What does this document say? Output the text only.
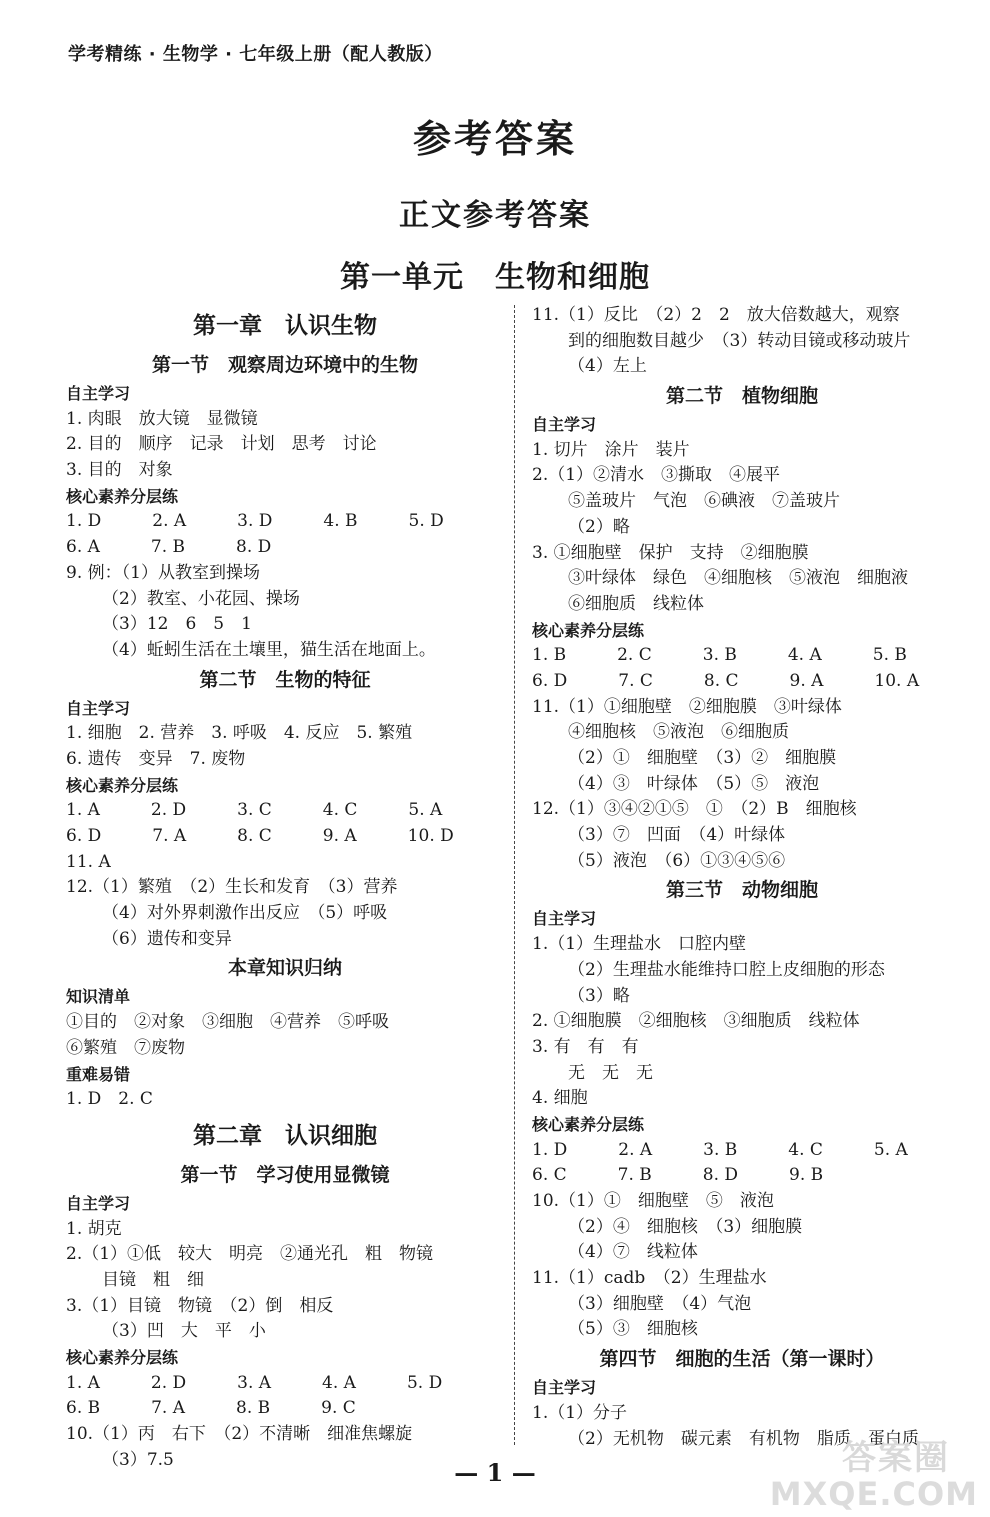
学考精练 · 生物学 · 七年级上册（配人教版）
参考答案
正文参考答案
第一单元　生物和细胞
第一章　认识生物
第一节　观察周边环境中的生物
自主学习
1. 肉眼　放大镜　显微镜
2. 目的　顺序　记录　计划　思考　讨论
3. 目的　对象
核心素养分层练
1. D　　　2. A　　　3. D　　　4. B　　　5. D
6. A　　　7. B　　　8. D
9. 例：（1）从教室到操场
（2）教室、小花园、操场
（3）12　6　5　1
（4）蚯蚓生活在土壤里，猫生活在地面上。
第二节　生物的特征
自主学习
1. 细胞　2. 营养　3. 呼吸　4. 反应　5. 繁殖
6. 遗传　变异　7. 废物
核心素养分层练
1. A　　　2. D　　　3. C　　　4. C　　　5. A
6. D　　　7. A　　　8. C　　　9. A　　　10. D
11. A
12.（1）繁殖　（2）生长和发育　（3）营养
（4）对外界刺激作出反应　（5）呼吸
（6）遗传和变异
本章知识归纳
知识清单
①目的　②对象　③细胞　④营养　⑤呼吸
⑥繁殖　⑦废物
重难易错
1. D　2. C
第二章　认识细胞
第一节　学习使用显微镜
自主学习
1. 胡克
2.（1）①低　较大　明亮　②通光孔　粗　物镜
目镜　粗　细
3.（1）目镜　物镜　（2）倒　相反
（3）凹　大　平　小
核心素养分层练
1. A　　　2. D　　　3. A　　　4. A　　　5. D
6. B　　　7. A　　　8. B　　　9. C
10.（1）丙　右下　（2）不清晰　细准焦螺旋
（3）7.5
11.（1）反比　（2）2　2　放大倍数越大，观察
到的细胞数目越少　（3）转动目镜或移动玻片
（4）左上
第二节　植物细胞
自主学习
1. 切片　涂片　装片
2.（1）②清水　③撕取　④展平
⑤盖玻片　气泡　⑥碘液　⑦盖玻片
（2）略
3. ①细胞壁　保护　支持　②细胞膜
③叶绿体　绿色　④细胞核　⑤液泡　细胞液
⑥细胞质　线粒体
核心素养分层练
1. B　　　2. C　　　3. B　　　4. A　　　5. B
6. D　　　7. C　　　8. C　　　9. A　　　10. A
11.（1）①细胞壁　②细胞膜　③叶绿体
④细胞核　⑤液泡　⑥细胞质
（2）①　细胞壁　（3）②　细胞膜
（4）③　叶绿体　（5）⑤　液泡
12.（1）③④②①⑤　①　（2）B　细胞核
（3）⑦　凹面　（4）叶绿体
（5）液泡　（6）①③④⑤⑥
第三节　动物细胞
自主学习
1.（1）生理盐水　口腔内壁
（2）生理盐水能维持口腔上皮细胞的形态
（3）略
2. ①细胞膜　②细胞核　③细胞质　线粒体
3. 有　有　有
无　无　无
4. 细胞
核心素养分层练
1. D　　　2. A　　　3. B　　　4. C　　　5. A
6. C　　　7. B　　　8. D　　　9. B
10.（1）①　细胞壁　⑤　液泡
（2）④　细胞核　（3）细胞膜
（4）⑦　线粒体
11.（1）cadb　（2）生理盐水
（3）细胞壁　（4）气泡
（5）③　细胞核
第四节　细胞的生活（第一课时）
自主学习
1.（1）分子
（2）无机物　碳元素　有机物　脂质　蛋白质
— 1 —	答案圈
MXQE.COM
